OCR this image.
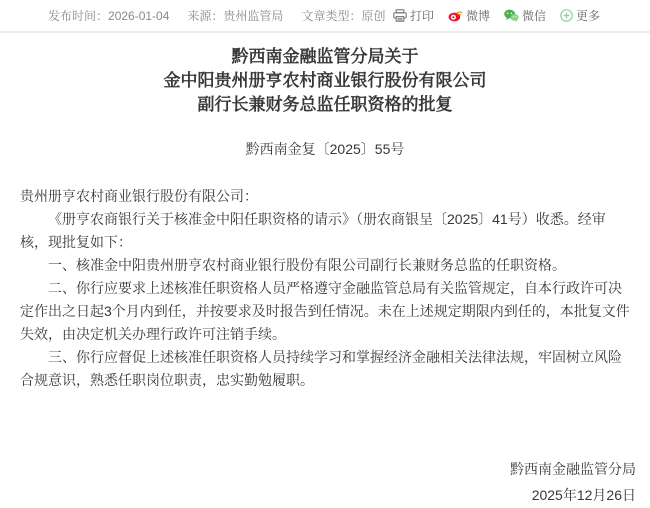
发布时间：2026-01-04 来源：贵州监管局 文章类型：原创 打印	微博	微信	更多
黔西南金融监管分局关于
金中阳贵州册亨农村商业银行股份有限公司
副行长兼财务总监任职资格的批复
黔西南金复〔2025〕55号

贵州册亨农村商业银行股份有限公司：

《册亨农商银行关于核准金中阳任职资格的请示》（册农商银呈〔2025〕41号）收悉。经审核，现批复如下：

一、核准金中阳贵州册亨农村商业银行股份有限公司副行长兼财务总监的任职资格。

二、你行应要求上述核准任职资格人员严格遵守金融监管总局有关监管规定，自本行政许可决定作出之日起3个月内到任，并按要求及时报告到任情况。未在上述规定期限内到任的，本批复文件失效，由决定机关办理行政许可注销手续。

三、你行应督促上述核准任职资格人员持续学习和掌握经济金融相关法律法规，牢固树立风险合规意识，熟悉任职岗位职责，忠实勤勉履职。

黔西南金融监管分局
2025年12月26日
